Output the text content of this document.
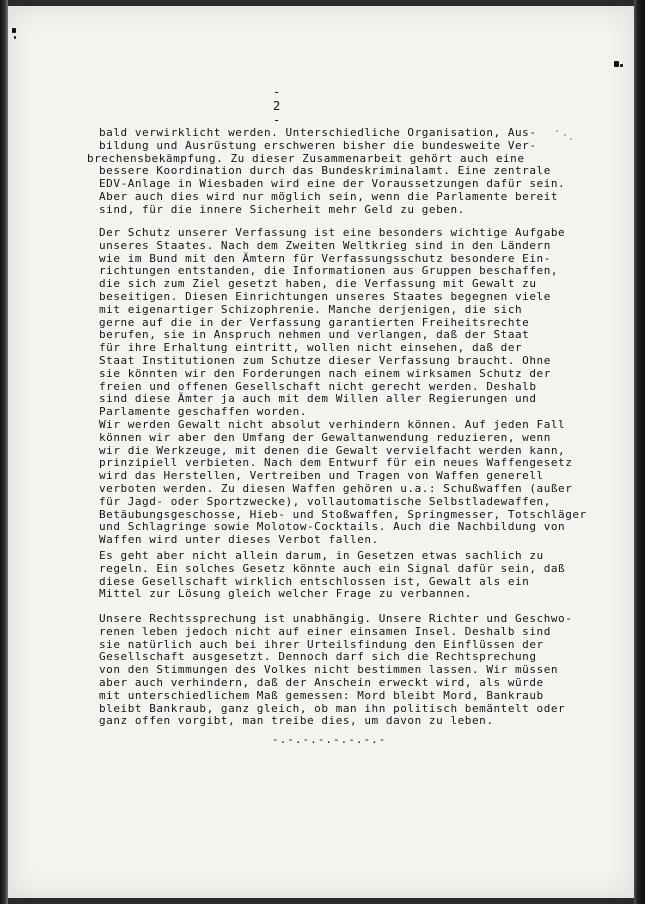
- 2 -
bald verwirklicht werden. Unterschiedliche Organisation, Aus-
bildung und Ausrüstung erschweren bisher die bundesweite Ver-
brechensbekämpfung. Zu dieser Zusammenarbeit gehört auch eine
bessere Koordination durch das Bundeskriminalamt. Eine zentrale
EDV-Anlage in Wiesbaden wird eine der Voraussetzungen dafür sein.
Aber auch dies wird nur möglich sein, wenn die Parlamente bereit
sind, für die innere Sicherheit mehr Geld zu geben.
Der Schutz unserer Verfassung ist eine besonders wichtige Aufgabe
unseres Staates. Nach dem Zweiten Weltkrieg sind in den Ländern
wie im Bund mit den Ämtern für Verfassungsschutz besondere Ein-
richtungen entstanden, die Informationen aus Gruppen beschaffen,
die sich zum Ziel gesetzt haben, die Verfassung mit Gewalt zu
beseitigen. Diesen Einrichtungen unseres Staates begegnen viele
mit eigenartiger Schizophrenie. Manche derjenigen, die sich
gerne auf die in der Verfassung garantierten Freiheitsrechte
berufen, sie in Anspruch nehmen und verlangen, daß der Staat
für ihre Erhaltung eintritt, wollen nicht einsehen, daß der
Staat Institutionen zum Schutze dieser Verfassung braucht. Ohne
sie könnten wir den Forderungen nach einem wirksamen Schutz der
freien und offenen Gesellschaft nicht gerecht werden. Deshalb
sind diese Ämter ja auch mit dem Willen aller Regierungen und
Parlamente geschaffen worden.
Wir werden Gewalt nicht absolut verhindern können. Auf jeden Fall
können wir aber den Umfang der Gewaltanwendung reduzieren, wenn
wir die Werkzeuge, mit denen die Gewalt vervielfacht werden kann,
prinzipiell verbieten. Nach dem Entwurf für ein neues Waffengesetz
wird das Herstellen, Vertreiben und Tragen von Waffen generell
verboten werden. Zu diesen Waffen gehören u.a.: Schußwaffen (außer
für Jagd- oder Sportzwecke), vollautomatische Selbstladewaffen,
Betäubungsgeschosse, Hieb- und Stoßwaffen, Springmesser, Totschläger
und Schlagringe sowie Molotow-Cocktails. Auch die Nachbildung von
Waffen wird unter dieses Verbot fallen.
Es geht aber nicht allein darum, in Gesetzen etwas sachlich zu
regeln. Ein solches Gesetz könnte auch ein Signal dafür sein, daß
diese Gesellschaft wirklich entschlossen ist, Gewalt als ein
Mittel zur Lösung gleich welcher Frage zu verbannen.
Unsere Rechtssprechung ist unabhängig. Unsere Richter und Geschwo-
renen leben jedoch nicht auf einer einsamen Insel. Deshalb sind
sie natürlich auch bei ihrer Urteilsfindung den Einflüssen der
Gesellschaft ausgesetzt. Dennoch darf sich die Rechtsprechung
von den Stimmungen des Volkes nicht bestimmen lassen. Wir müssen
aber auch verhindern, daß der Anschein erweckt wird, als würde
mit unterschiedlichem Maß gemessen: Mord bleibt Mord, Bankraub
bleibt Bankraub, ganz gleich, ob man ihn politisch bemäntelt oder
ganz offen vorgibt, man treibe dies, um davon zu leben.
-.-.-.-.-.-.-.-
